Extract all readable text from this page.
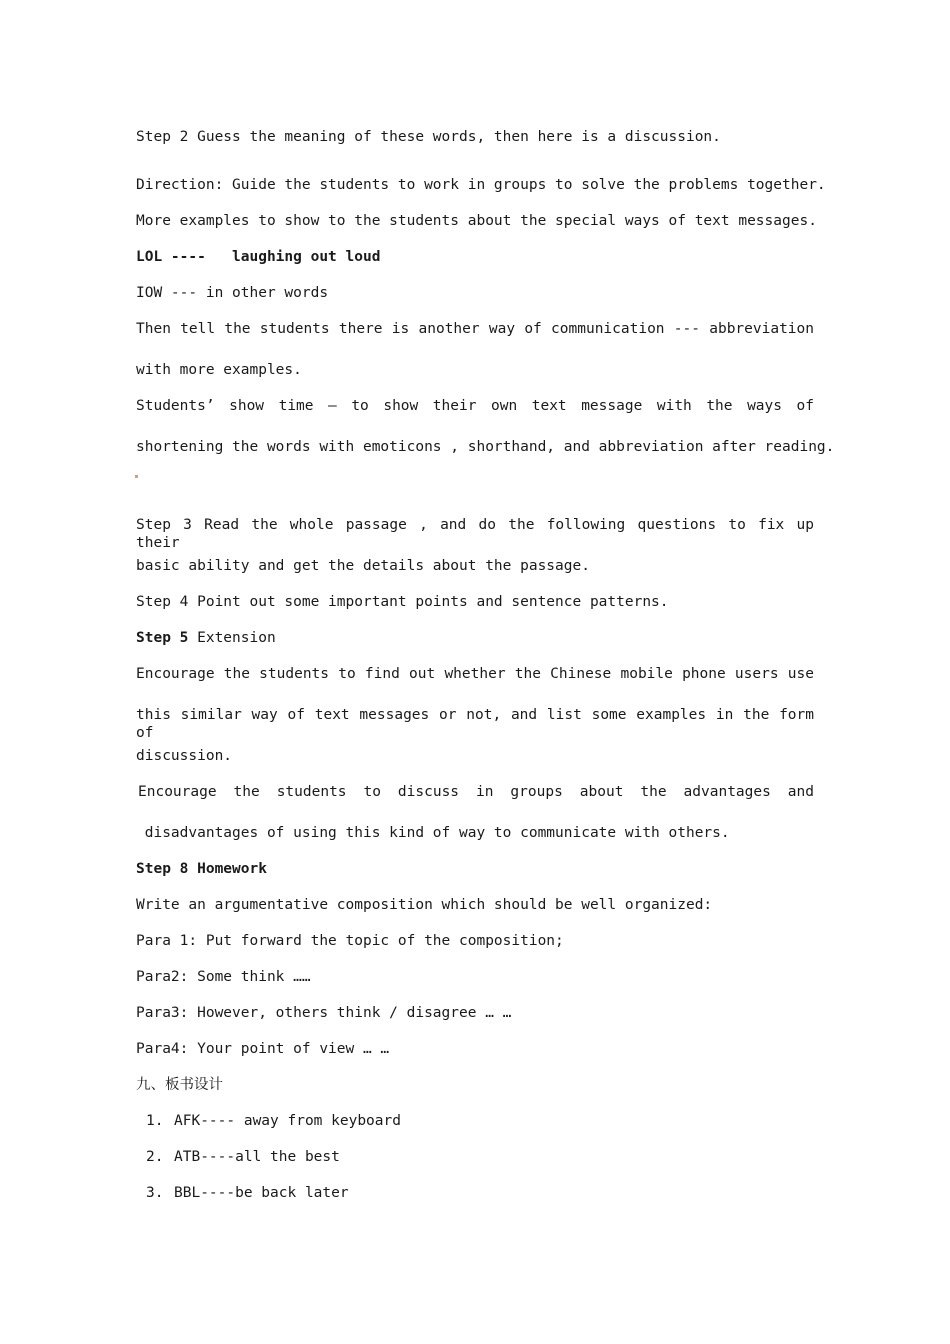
Step 2 Guess the meaning of these words, then here is a discussion.
Direction: Guide the students to work in groups to solve the problems together.
More examples to show to the students about the special ways of text messages.
LOL ----   laughing out loud
IOW --- in other words
Then tell the students there is another way of communication --- abbreviation
with more examples.
Students’ show time – to show their own text message with the ways of
shortening the words with emoticons , shorthand, and abbreviation after reading.
Step 3 Read the whole passage , and do the following questions to fix up their
basic ability and get the details about the passage.
Step 4 Point out some important points and sentence patterns.
Step 5 Extension
Encourage the students to find out whether the Chinese mobile phone users use
this similar way of text messages or not, and list some examples in the form of
discussion.
Encourage the students to discuss in groups about the advantages and
disadvantages of using this kind of way to communicate with others.
Step 8 Homework
Write an argumentative composition which should be well organized:
Para 1: Put forward the topic of the composition;
Para2: Some think ……
Para3: However, others think / disagree … …
Para4: Your point of view … …
九、板书设计
1. AFK---- away from keyboard
2. ATB----all the best
3. BBL----be back later
